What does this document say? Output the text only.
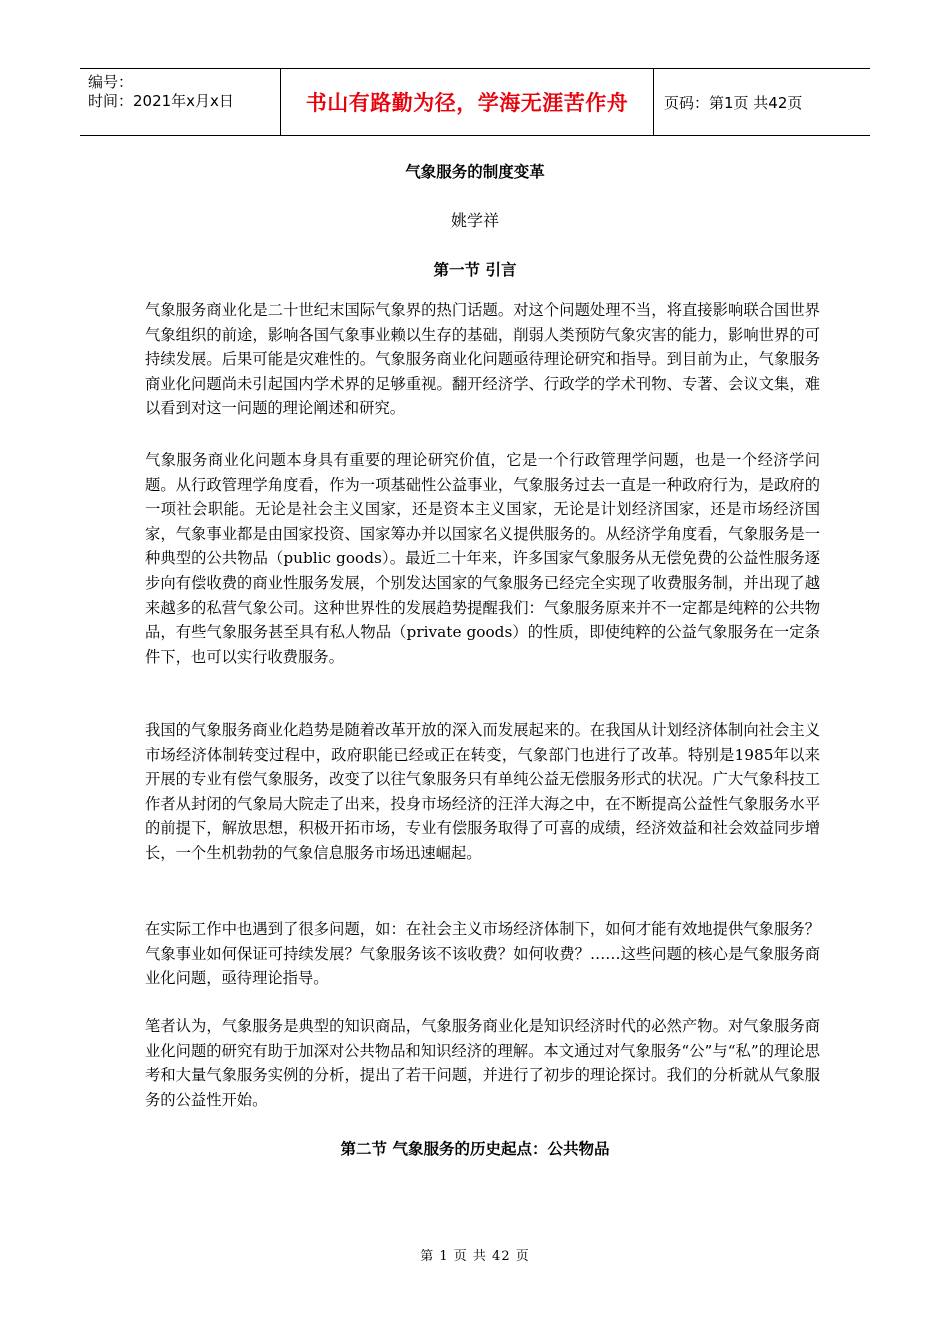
编号：
时间：2021年x月x日	书山有路勤为径，学海无涯苦作舟	页码：第1页 共42页
气象服务的制度变革
姚学祥
第一节 引言

气象服务商业化是二十世纪末国际气象界的热门话题。对这个问题处理不当，将直接影响联合国世界气象组织的前途，影响各国气象事业赖以生存的基础，削弱人类预防气象灾害的能力，影响世界的可持续发展。后果可能是灾难性的。气象服务商业化问题亟待理论研究和指导。到目前为止，气象服务商业化问题尚未引起国内学术界的足够重视。翻开经济学、行政学的学术刊物、专著、会议文集，难以看到对这一问题的理论阐述和研究。

气象服务商业化问题本身具有重要的理论研究价值，它是一个行政管理学问题，也是一个经济学问题。从行政管理学角度看，作为一项基础性公益事业，气象服务过去一直是一种政府行为，是政府的一项社会职能。无论是社会主义国家，还是资本主义国家，无论是计划经济国家，还是市场经济国家，气象事业都是由国家投资、国家筹办并以国家名义提供服务的。从经济学角度看，气象服务是一种典型的公共物品（public goods）。最近二十年来，许多国家气象服务从无偿免费的公益性服务逐步向有偿收费的商业性服务发展，个别发达国家的气象服务已经完全实现了收费服务制，并出现了越来越多的私营气象公司。这种世界性的发展趋势提醒我们：气象服务原来并不一定都是纯粹的公共物品，有些气象服务甚至具有私人物品（private goods）的性质，即使纯粹的公益气象服务在一定条件下，也可以实行收费服务。

我国的气象服务商业化趋势是随着改革开放的深入而发展起来的。在我国从计划经济体制向社会主义市场经济体制转变过程中，政府职能已经或正在转变，气象部门也进行了改革。特别是1985年以来开展的专业有偿气象服务，改变了以往气象服务只有单纯公益无偿服务形式的状况。广大气象科技工作者从封闭的气象局大院走了出来，投身市场经济的汪洋大海之中，在不断提高公益性气象服务水平的前提下，解放思想，积极开拓市场，专业有偿服务取得了可喜的成绩，经济效益和社会效益同步增长，一个生机勃勃的气象信息服务市场迅速崛起。

在实际工作中也遇到了很多问题，如：在社会主义市场经济体制下，如何才能有效地提供气象服务？气象事业如何保证可持续发展？气象服务该不该收费？如何收费？……这些问题的核心是气象服务商业化问题，亟待理论指导。

笔者认为，气象服务是典型的知识商品，气象服务商业化是知识经济时代的必然产物。对气象服务商业化问题的研究有助于加深对公共物品和知识经济的理解。本文通过对气象服务“公”与“私”的理论思考和大量气象服务实例的分析，提出了若干问题，并进行了初步的理论探讨。我们的分析就从气象服务的公益性开始。

第二节 气象服务的历史起点：公共物品
第 1 页 共 42 页
